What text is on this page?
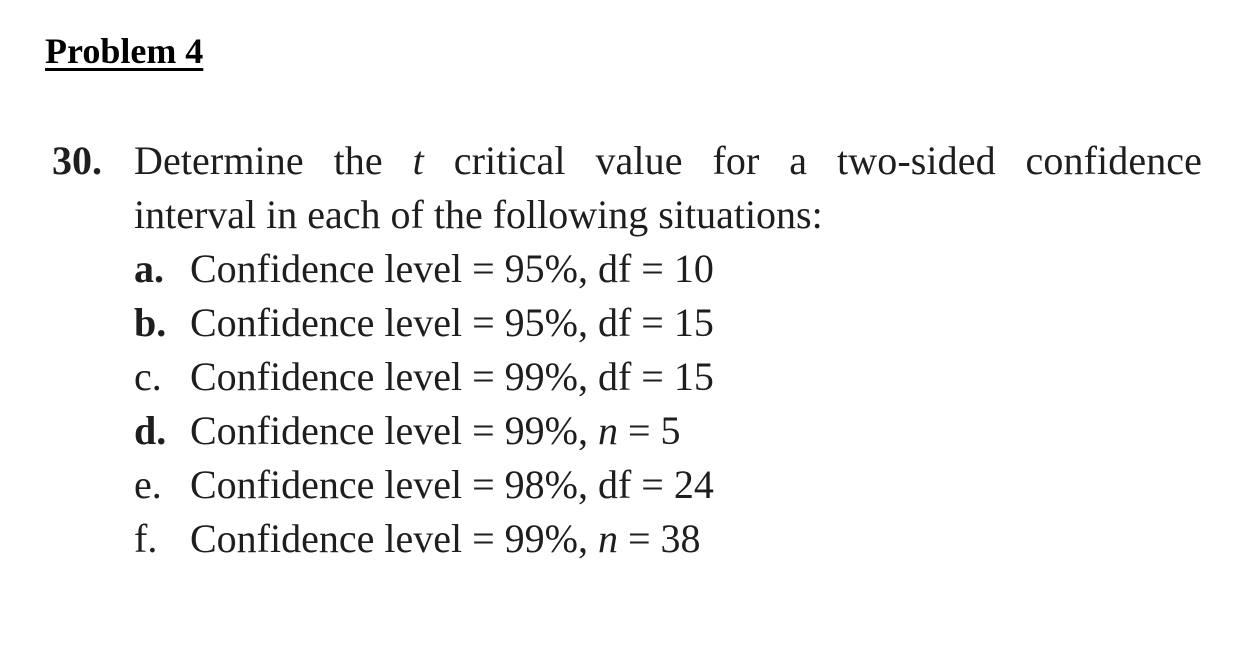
Problem 4
30. Determine the t critical value for a two-sided confidence
interval in each of the following situations:
a. Confidence level = 95%, df = 10
b. Confidence level = 95%, df = 15
c. Confidence level = 99%, df = 15
d. Confidence level = 99%, n = 5
e. Confidence level = 98%, df = 24
f. Confidence level = 99%, n = 38
